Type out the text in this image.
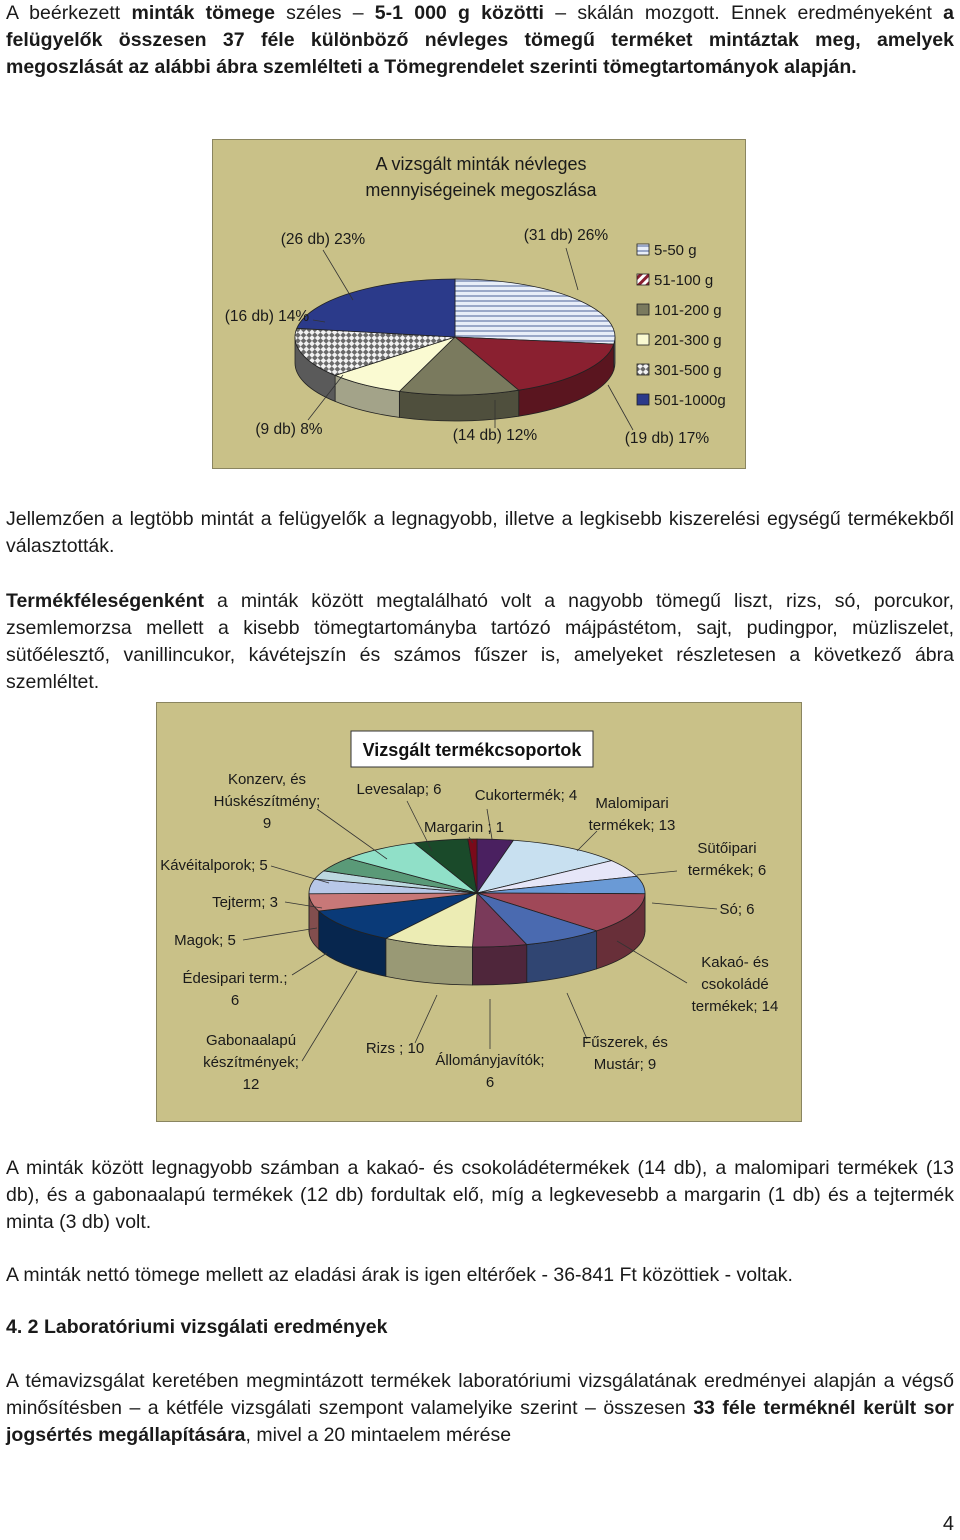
A beérkezett minták tömege széles – 5-1 000 g közötti – skálán mozgott. Ennek eredményeként a felügyelők összesen 37 féle különböző névleges tömegű terméket mintáztak meg, amelyek megoszlását az alábbi ábra szemlélteti a Tömegrendelet szerinti tömegtartományok alapján.
A vizsgált minták névleges
mennyiségeinek megoszlása
(31 db) 26%
(19 db) 17%
(14 db) 12%
(9 db) 8%
(16 db) 14%
(26 db) 23%
5-50 g
51-100 g
101-200 g
201-300 g
301-500 g
501-1000g
Jellemzően a legtöbb mintát a felügyelők a legnagyobb, illetve a legkisebb kiszerelési egységű termékekből választották.
Termékféleségenként a minták között megtalálható volt a nagyobb tömegű liszt, rizs, só, porcukor, zsemlemorzsa mellett a kisebb tömegtartományba tartózó májpástétom, sajt, pudingpor, müzliszelet, sütőélesztő, vanillincukor, kávétejszín és számos fűszer is, amelyeket részletesen a következő ábra szemléltet.
Vizsgált termékcsoportok
Cukortermék; 4	Malomipari termékek; 13
Sütőipari termékek; 6
Só; 6
Kakaó- és csokoládé termékek; 14
Fűszerek, és Mustár; 9
Állományjavítók; 6
Rizs ; 10
Gabonaalapú készítmények; 12
Édesipari term.; 6
Magok; 5
Tejterm; 3
Kávéitalporok; 5
Konzerv, és Húskészítmény; 9
Levesalap; 6
Margarin ; 1
A minták között legnagyobb számban a kakaó- és csokoládétermékek (14 db), a malomipari termékek (13 db), és a gabonaalapú termékek (12 db) fordultak elő, míg a legkevesebb a margarin (1 db) és a tejtermék minta (3 db) volt.
A minták nettó tömege mellett az eladási árak is igen eltérőek - 36-841 Ft közöttiek - voltak.
4. 2 Laboratóriumi vizsgálati eredmények
A témavizsgálat keretében megmintázott termékek laboratóriumi vizsgálatának eredményei alapján a végső minősítésben – a kétféle vizsgálati szempont valamelyike szerint – összesen 33 féle terméknél került sor jogsértés megállapítására, mivel a 20 mintaelem mérése
4
